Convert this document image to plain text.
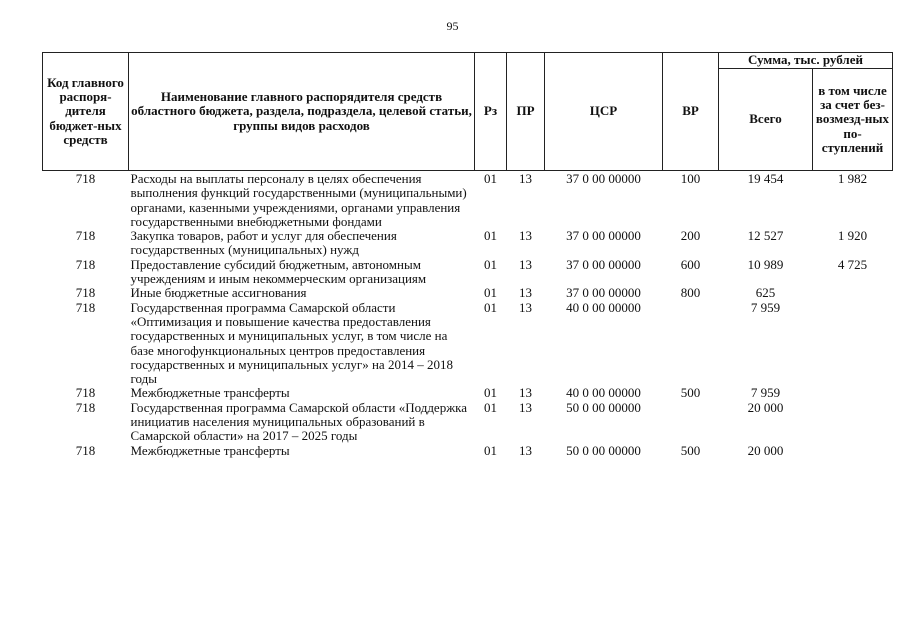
95
Код главного распоря-дителя бюджет-ных средств	Наименование главного распорядителя средств областного бюджета, раздела, подраздела, целевой статьи, группы видов расходов	Рз	ПР	ЦСР	ВР	Сумма, тыс. рублей	
						Всего	в том числе за счет без-возмезд-ных по-ступлений
718	Расходы на выплаты персоналу в целях обеспечения выполнения функций государственными (муниципальными) органами, казенными учреждениями, органами управления государственными внебюджетными фондами	01	13	37 0 00 00000	100	19 454	1 982
718	Закупка товаров, работ и услуг для обеспечения государственных (муниципальных) нужд	01	13	37 0 00 00000	200	12 527	1 920
718	Предоставление субсидий бюджетным, автономным учреждениям и иным некоммерческим организациям	01	13	37 0 00 00000	600	10 989	4 725
718	Иные бюджетные ассигнования	01	13	37 0 00 00000	800	625	
718	Государственная программа Самарской области «Оптимизация и повышение качества предоставления государственных и муниципальных услуг, в том числе на базе многофункциональных центров предоставления государственных и муниципальных услуг» на 2014 – 2018 годы	01	13	40 0 00 00000		7 959	
718	Межбюджетные трансферты	01	13	40 0 00 00000	500	7 959	
718	Государственная программа Самарской области «Поддержка инициатив населения муниципальных образований в Самарской области» на 2017 – 2025 годы	01	13	50 0 00 00000		20 000	
718	Межбюджетные трансферты	01	13	50 0 00 00000	500	20 000	
